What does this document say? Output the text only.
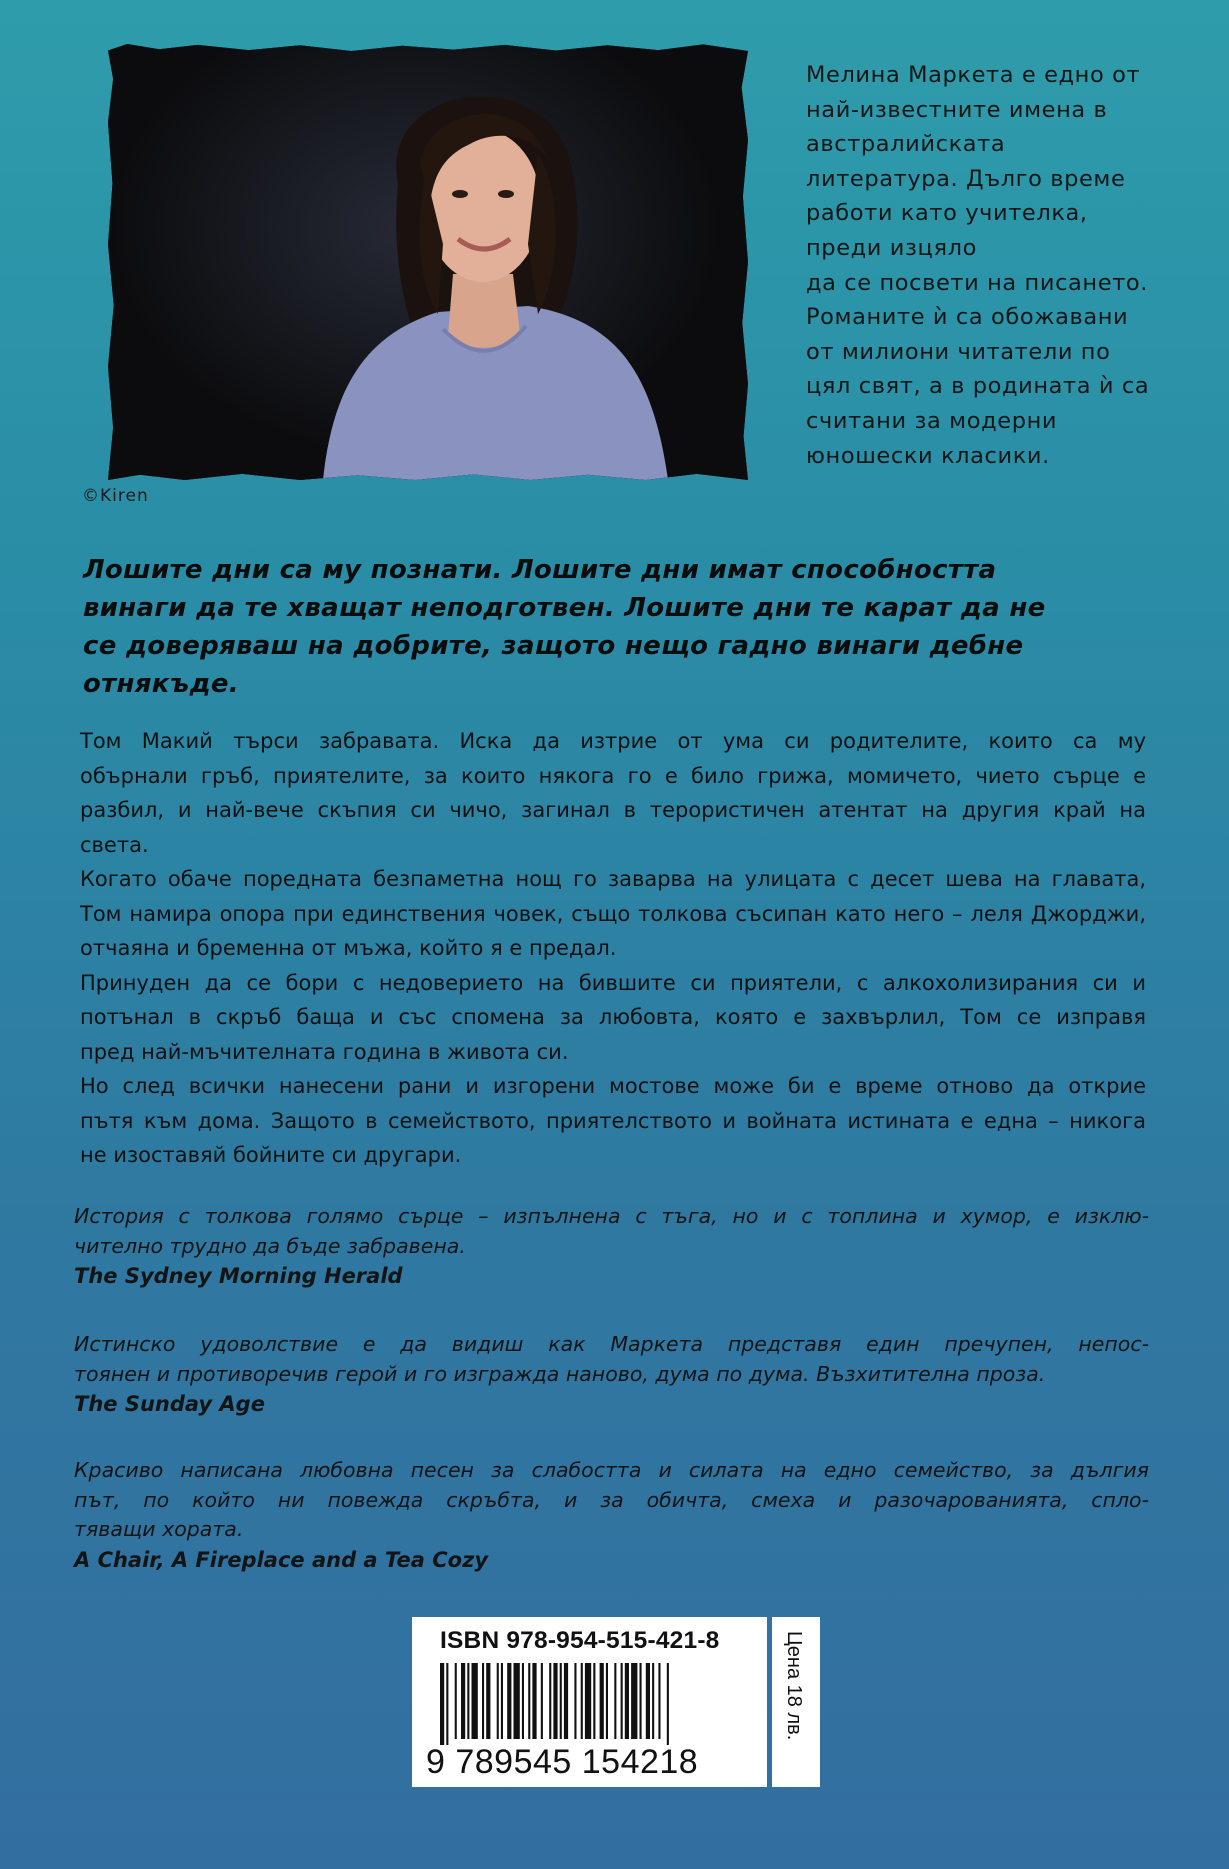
©Kiren
Мелина Маркета е едно от
най-известните имена в
австралийската
литература. Дълго време
работи като учителка,
преди изцяло
да се посвети на писането.
Романите ѝ са обожавани
от милиони читатели по
цял свят, а в родината ѝ са
считани за модерни
юношески класики.
Лошите дни са му познати. Лошите дни имат способността
винаги да те хващат неподготвен. Лошите дни те карат да не
се доверяваш на добрите, защото нещо гадно винаги дебне
отнякъде.
Том Макий търси забравата. Иска да изтрие от ума си родителите, които са му
обърнали гръб, приятелите, за които някога го е било грижа, момичето, чието сърце е
разбил, и най-вече скъпия си чичо, загинал в терористичен атентат на другия край на
света.
Когато обаче поредната безпаметна нощ го заварва на улицата с десет шева на главата,
Том намира опора при единствения човек, също толкова съсипан като него – леля Джорджи,
отчаяна и бременна от мъжа, който я е предал.
Принуден да се бори с недоверието на бившите си приятели, с алкохолизирания си и
потънал в скръб баща и със спомена за любовта, която е захвърлил, Том се изправя
пред най-мъчителната година в живота си.
Но след всички нанесени рани и изгорени мостове може би е време отново да открие
пътя към дома. Защото в семейството, приятелството и войната истината е една – никога
не изоставяй бойните си другари.
История с толкова голямо сърце – изпълнена с тъга, но и с топлина и хумор, е изклю-
чително трудно да бъде забравена.
The Sydney Morning Herald
Истинско удоволствие е да видиш как Маркета представя един пречупен, непос-
тоянен и противоречив герой и го изгражда наново, дума по дума. Възхитителна проза.
The Sunday Age
Красиво написана любовна песен за слабостта и силата на едно семейство, за дългия
път, по който ни повежда скръбта, и за обичта, смеха и разочарованията, спло-
тяващи хората.
A Chair, A Fireplace and a Tea Cozy
ISBN 978-954-515-421-8
9 789545 154218
Цена 18 лв.
